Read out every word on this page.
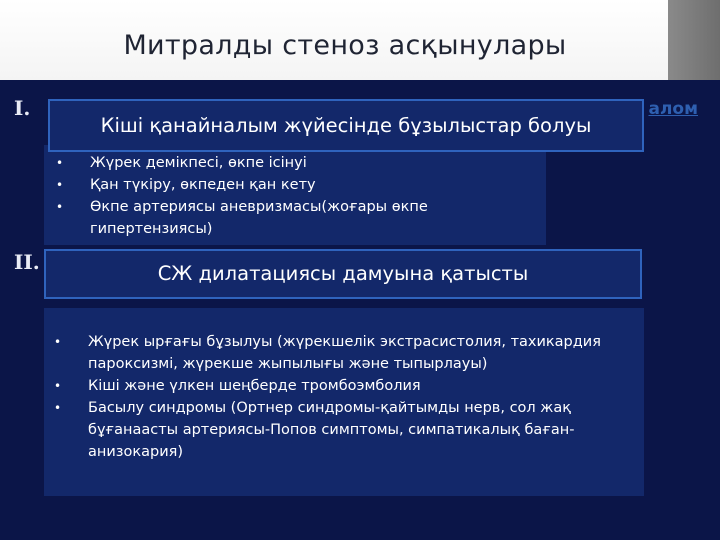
Митралды стеноз асқынулары
алом
I.
• Жүрек демікпесі, өкпе ісінуі
• Қан түкіру, өкпеден қан кету
• Өкпе артериясы аневризмасы(жоғары өкпе гипертензиясы)
Кіші қанайналым жүйесінде бұзылыстар болуы
II.	СЖ дилатациясы дамуына қатысты
• Жүрек ырғағы бұзылуы (жүрекшелік экстрасистолия, тахикардия пароксизмі, жүрекше жыпылығы және тыпырлауы)
• Кіші және үлкен шеңберде тромбоэмболия
• Басылу синдромы (Ортнер синдромы-қайтымды нерв, сол жақ бұғанаасты артериясы-Попов симптомы, симпатикалық баған-анизокария)
